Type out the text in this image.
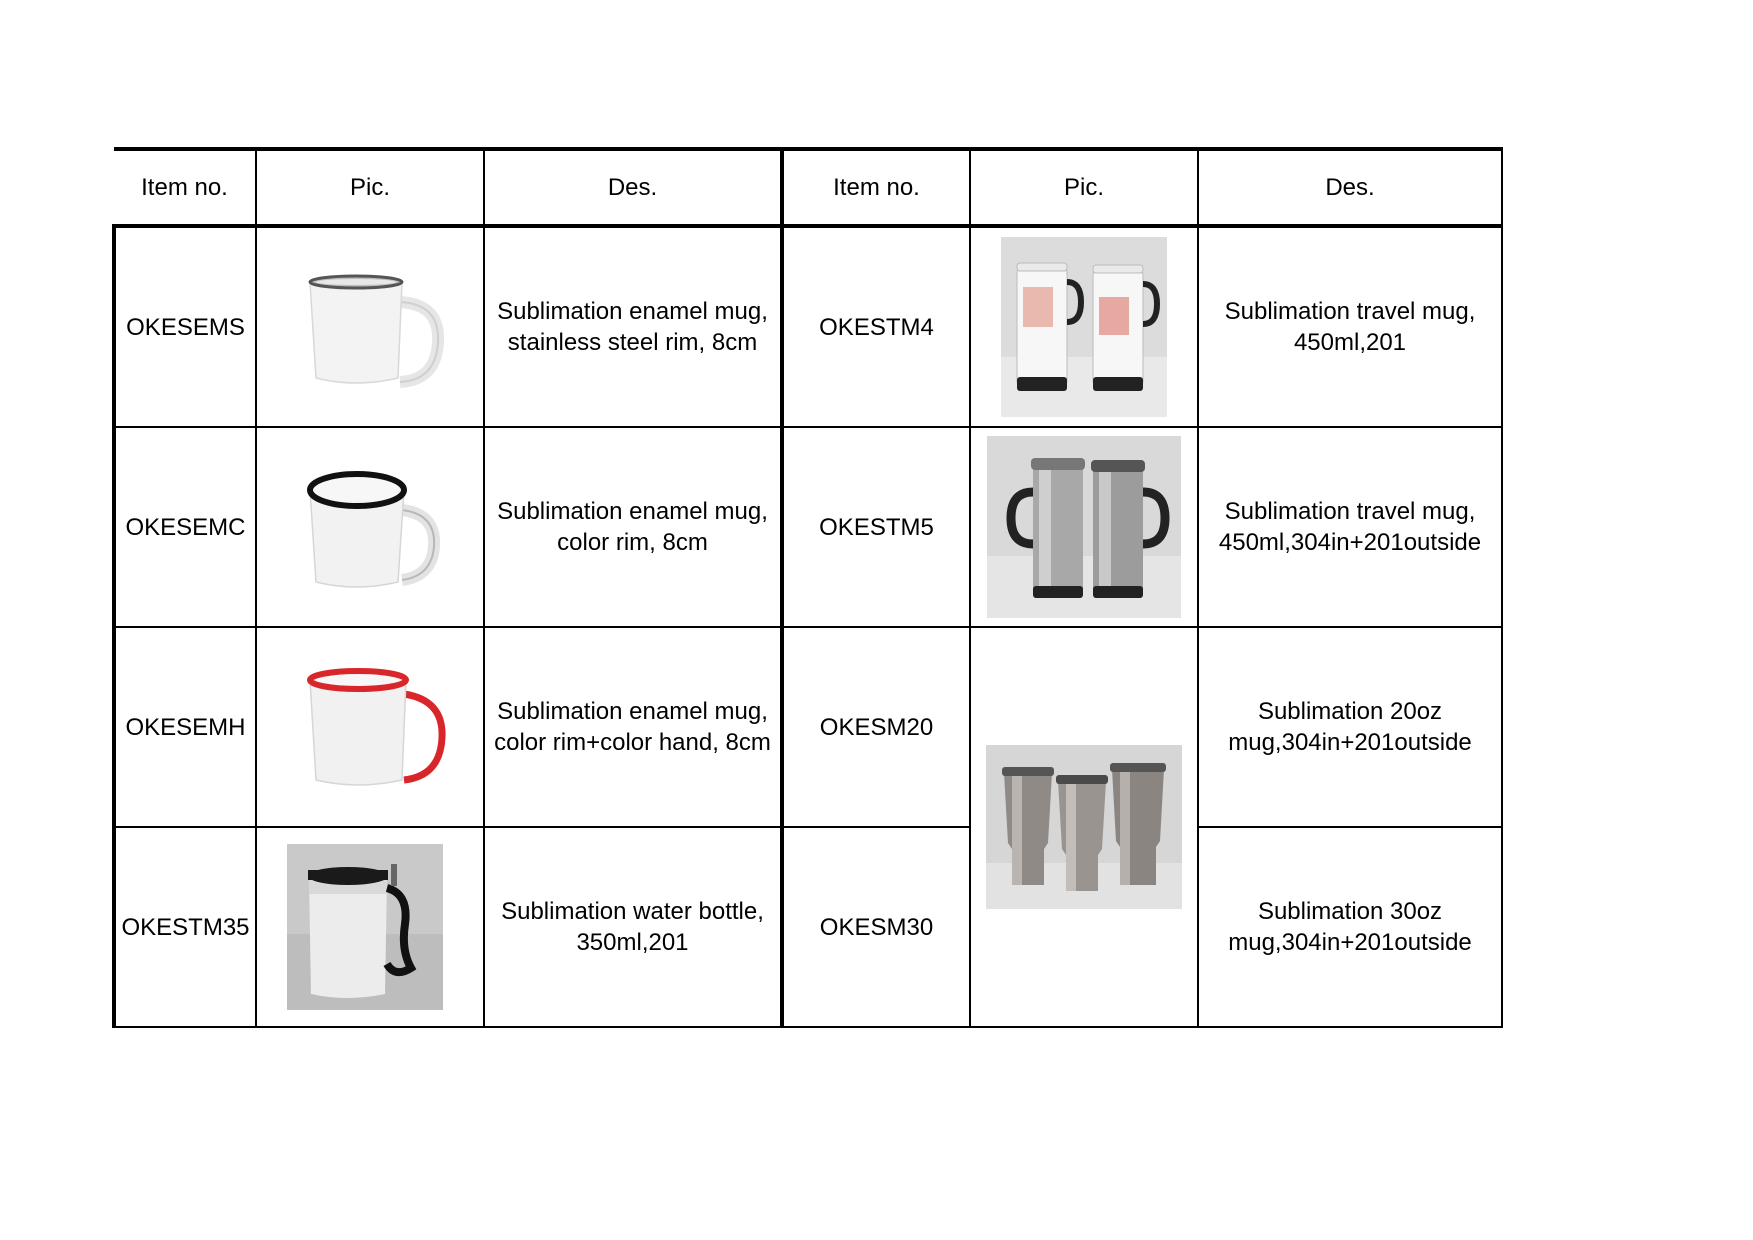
Item no.	Pic.	Des.	Item no.	Pic.	Des.
OKESEMS		Sublimation enamel mug, stainless steel rim, 8cm	OKESTM4		Sublimation travel mug, 450ml,201
OKESEMC		Sublimation enamel mug, color rim, 8cm	OKESTM5		Sublimation travel mug, 450ml,304in+201outside
OKESEMH		Sublimation enamel mug, color rim+color hand, 8cm	OKESM20		Sublimation 20oz mug,304in+201outside
OKESTM35		Sublimation water bottle, 350ml,201	OKESM30		Sublimation 30oz mug,304in+201outside
